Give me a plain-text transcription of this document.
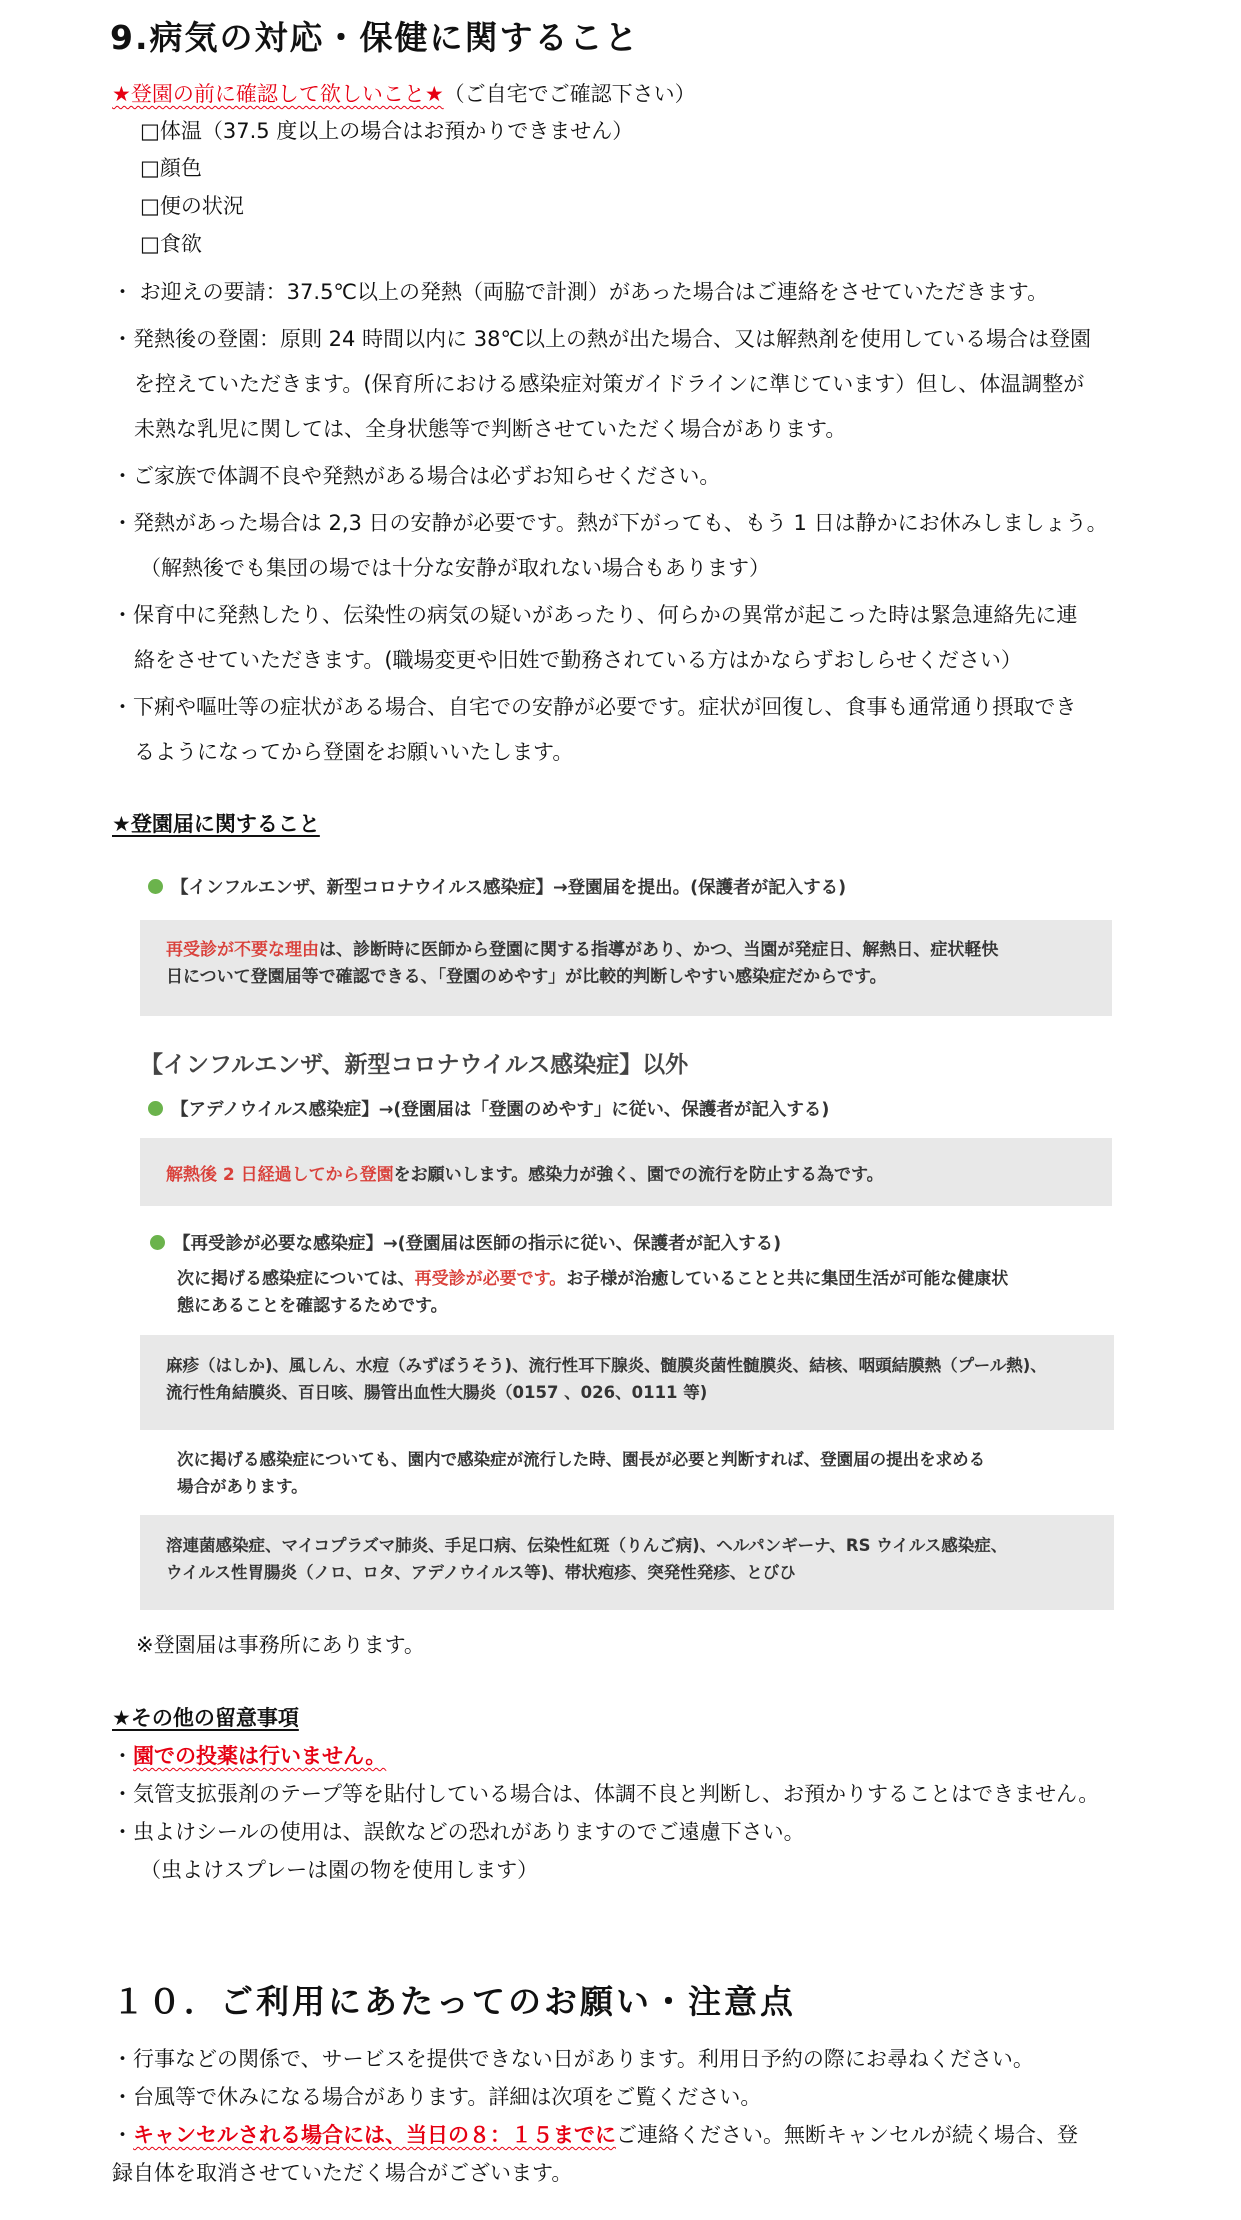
9.病気の対応・保健に関すること
★登園の前に確認して欲しいこと★（ご自宅でご確認下さい）
□体温（37.5 度以上の場合はお預かりできません）
□顔色
□便の状況
□食欲
・ お迎えの要請：37.5℃以上の発熱（両脇で計測）があった場合はご連絡をさせていただきます。
・発熱後の登園：原則 24 時間以内に 38℃以上の熱が出た場合、又は解熱剤を使用している場合は登園
を控えていただきます。(保育所における感染症対策ガイドラインに準じています）但し、体温調整が
未熟な乳児に関しては、全身状態等で判断させていただく場合があります。
・ご家族で体調不良や発熱がある場合は必ずお知らせください。
・発熱があった場合は 2,3 日の安静が必要です。熱が下がっても、もう 1 日は静かにお休みしましょう。
（解熱後でも集団の場では十分な安静が取れない場合もあります）
・保育中に発熱したり、伝染性の病気の疑いがあったり、何らかの異常が起こった時は緊急連絡先に連
絡をさせていただきます。(職場変更や旧姓で勤務されている方はかならずおしらせください）
・下痢や嘔吐等の症状がある場合、自宅での安静が必要です。症状が回復し、食事も通常通り摂取でき
るようになってから登園をお願いいたします。
★登園届に関すること
【インフルエンザ、新型コロナウイルス感染症】→登園届を提出。(保護者が記入する)
再受診が不要な理由は、診断時に医師から登園に関する指導があり、かつ、当園が発症日、解熱日、症状軽快
日について登園届等で確認できる、「登園のめやす」が比較的判断しやすい感染症だからです。
【インフルエンザ、新型コロナウイルス感染症】以外
【アデノウイルス感染症】→(登園届は「登園のめやす」に従い、保護者が記入する)
解熱後 2 日経過してから登園をお願いします。感染力が強く、園での流行を防止する為です。
【再受診が必要な感染症】→(登園届は医師の指示に従い、保護者が記入する)
次に掲げる感染症については、再受診が必要です。お子様が治癒していることと共に集団生活が可能な健康状
態にあることを確認するためです。
麻疹（はしか)、風しん、水痘（みずぼうそう)、流行性耳下腺炎、髄膜炎菌性髄膜炎、結核、咽頭結膜熱（プール熱)、
流行性角結膜炎、百日咳、腸管出血性大腸炎（0157 、026、0111 等)
次に掲げる感染症についても、園内で感染症が流行した時、園長が必要と判断すれば、登園届の提出を求める
場合があります。
溶連菌感染症、マイコプラズマ肺炎、手足口病、伝染性紅斑（りんご病)、ヘルパンギーナ、RS ウイルス感染症、
ウイルス性胃腸炎（ノロ、ロタ、アデノウイルス等)、帯状疱疹、突発性発疹、とびひ
※登園届は事務所にあります。
★その他の留意事項
・園での投薬は行いません。
・気管支拡張剤のテープ等を貼付している場合は、体調不良と判断し、お預かりすることはできません。
・虫よけシールの使用は、誤飲などの恐れがありますのでご遠慮下さい。
（虫よけスプレーは園の物を使用します）
１０．ご利用にあたってのお願い・注意点
・行事などの関係で、サービスを提供できない日があります。利用日予約の際にお尋ねください。
・台風等で休みになる場合があります。詳細は次項をご覧ください。
・キャンセルされる場合には、当日の８：１５までにご連絡ください。無断キャンセルが続く場合、登
録自体を取消させていただく場合がございます。
